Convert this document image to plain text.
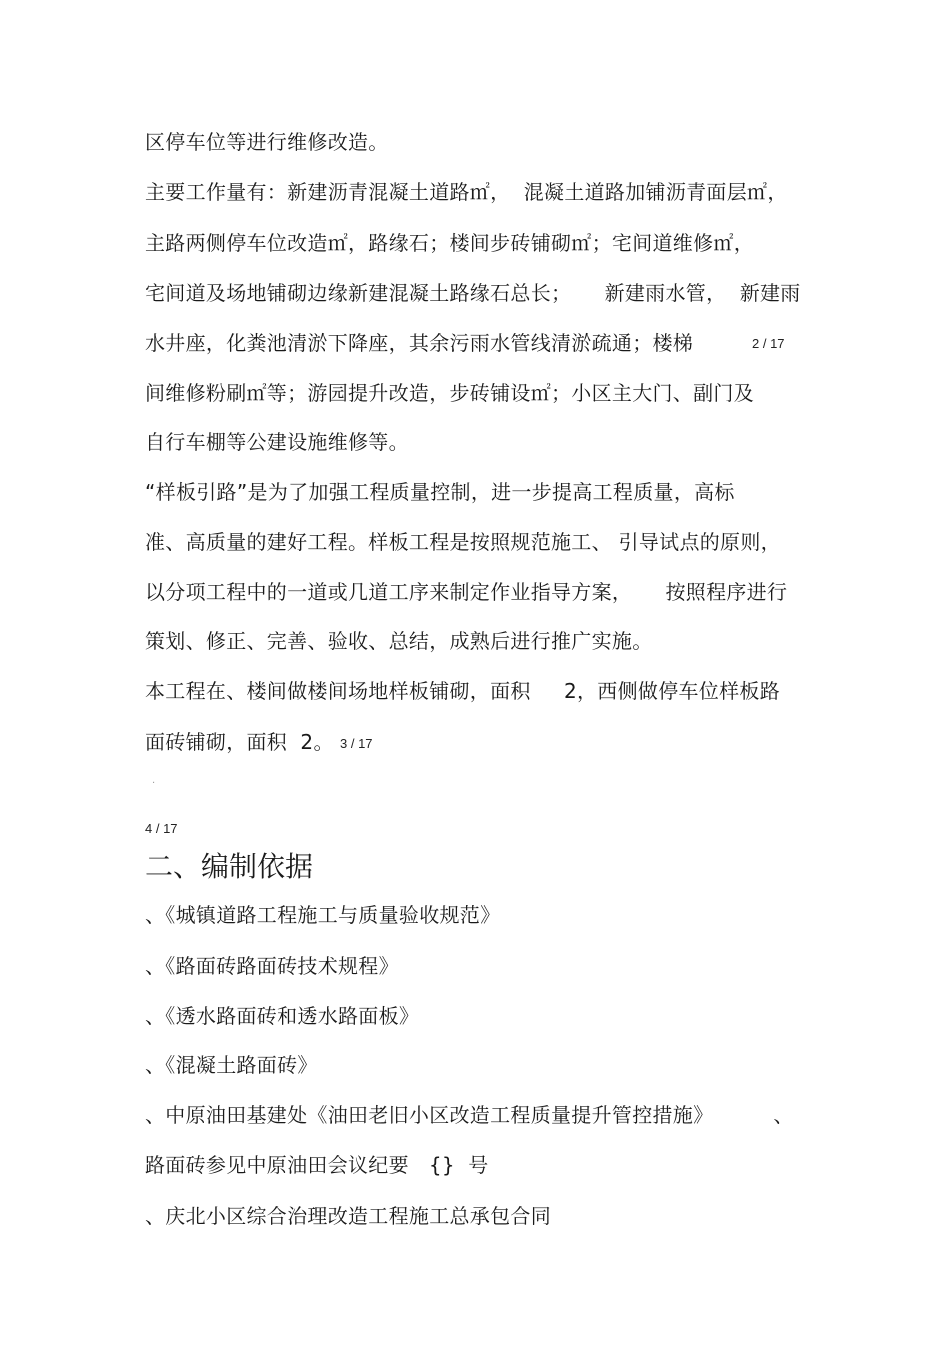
区停车位等进行维修改造。
主要工作量有：新建沥青混凝土道路㎡，  混凝土道路加铺沥青面层㎡，
主路两侧停车位改造㎡，路缘石；楼间步砖铺砌㎡；宅间道维修㎡，
宅间道及场地铺砌边缘新建混凝土路缘石总长；     新建雨水管，  新建雨
水井座，化粪池清淤下降座，其余污雨水管线清淤疏通；楼梯
间维修粉刷㎡等；游园提升改造，步砖铺设㎡；小区主大门、副门及
自行车棚等公建设施维修等。
2 / 17
“样板引路”是为了加强工程质量控制，进一步提高工程质量，高标
准、高质量的建好工程。样板工程是按照规范施工、 引导试点的原则，
以分项工程中的一道或几道工序来制定作业指导方案，     按照程序进行
策划、修正、完善、验收、总结，成熟后进行推广实施。
本工程在、楼间做楼间场地样板铺砌，面积     2，西侧做停车位样板路
面砖铺砌，面积  2。 3 / 17
·
4 / 17
二、编制依据
、《城镇道路工程施工与质量验收规范》
、《路面砖路面砖技术规程》
、《透水路面砖和透水路面板》
、《混凝土路面砖》
、中原油田基建处《油田老旧小区改造工程质量提升管控措施》         、
路面砖参见中原油田会议纪要   {}  号
、庆北小区综合治理改造工程施工总承包合同
